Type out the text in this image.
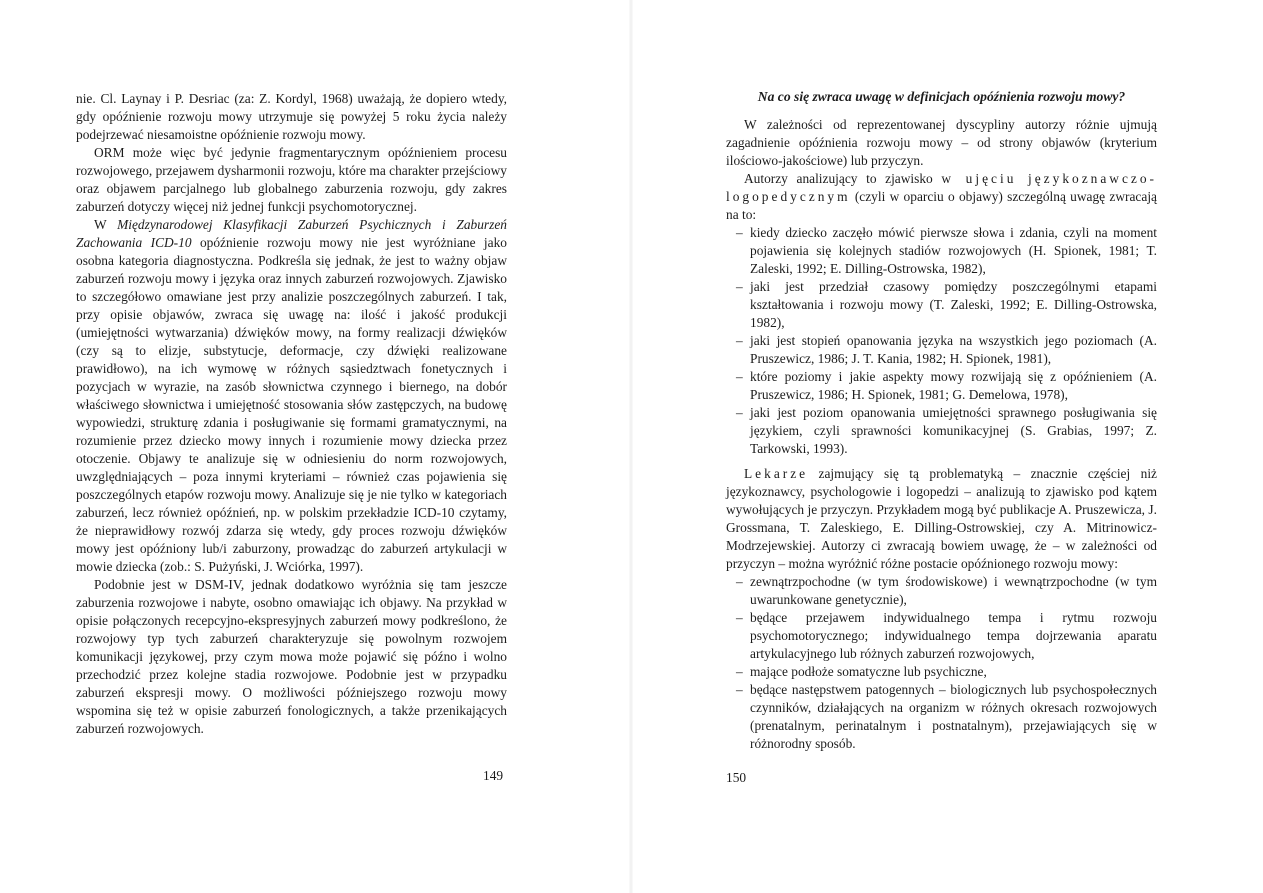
nie. Cl. Laynay i P. Desriac (za: Z. Kordyl, 1968) uważają, że dopiero wtedy, gdy opóźnienie rozwoju mowy utrzymuje się powyżej 5 roku życia należy podejrzewać niesamoistne opóźnienie rozwoju mowy.

ORM może więc być jedynie fragmentarycznym opóźnieniem procesu rozwojowego, przejawem dysharmonii rozwoju, które ma charakter przejściowy oraz objawem parcjalnego lub globalnego zaburzenia rozwoju, gdy zakres zaburzeń dotyczy więcej niż jednej funkcji psychomotorycznej.

W Międzynarodowej Klasyfikacji Zaburzeń Psychicznych i Zaburzeń Zachowania ICD-10 opóźnienie rozwoju mowy nie jest wyróżniane jako osobna kategoria diagnostyczna. Podkreśla się jednak, że jest to ważny objaw zaburzeń rozwoju mowy i języka oraz innych zaburzeń rozwojowych. Zjawisko to szczegółowo omawiane jest przy analizie poszczególnych zaburzeń. I tak, przy opisie objawów, zwraca się uwagę na: ilość i jakość produkcji (umiejętności wytwarzania) dźwięków mowy, na formy realizacji dźwięków (czy są to elizje, substytucje, deformacje, czy dźwięki realizowane prawidłowo), na ich wymowę w różnych sąsiedztwach fonetycznych i pozycjach w wyrazie, na zasób słownictwa czynnego i biernego, na dobór właściwego słownictwa i umiejętność stosowania słów zastępczych, na budowę wypowiedzi, strukturę zdania i posługiwanie się formami gramatycznymi, na rozumienie przez dziecko mowy innych i rozumienie mowy dziecka przez otoczenie. Objawy te analizuje się w odniesieniu do norm rozwojowych, uwzględniających – poza innymi kryteriami – również czas pojawienia się poszczególnych etapów rozwoju mowy. Analizuje się je nie tylko w kategoriach zaburzeń, lecz również opóźnień, np. w polskim przekładzie ICD-10 czytamy, że nieprawidłowy rozwój zdarza się wtedy, gdy proces rozwoju dźwięków mowy jest opóźniony lub/i zaburzony, prowadząc do zaburzeń artykulacji w mowie dziecka (zob.: S. Pużyński, J. Wciórka, 1997).

Podobnie jest w DSM-IV, jednak dodatkowo wyróżnia się tam jeszcze zaburzenia rozwojowe i nabyte, osobno omawiając ich objawy. Na przykład w opisie połączonych recepcyjno-ekspresyjnych zaburzeń mowy podkreślono, że rozwojowy typ tych zaburzeń charakteryzuje się powolnym rozwojem komunikacji językowej, przy czym mowa może pojawić się późno i wolno przechodzić przez kolejne stadia rozwojowe. Podobnie jest w przypadku zaburzeń ekspresji mowy. O możliwości późniejszego rozwoju mowy wspomina się też w opisie zaburzeń fonologicznych, a także przenikających zaburzeń rozwojowych.

149
Na co się zwraca uwagę w definicjach opóźnienia rozwoju mowy?

W zależności od reprezentowanej dyscypliny autorzy różnie ujmują zagadnienie opóźnienia rozwoju mowy – od strony objawów (kryterium ilościowo-jakościowe) lub przyczyn.

Autorzy analizujący to zjawisko w ujęciu językoznawczo-logopedycznym (czyli w oparciu o objawy) szczególną uwagę zwracają na to:

– kiedy dziecko zaczęło mówić pierwsze słowa i zdania, czyli na moment pojawienia się kolejnych stadiów rozwojowych (H. Spionek, 1981; T. Zaleski, 1992; E. Dilling-Ostrowska, 1982),
– jaki jest przedział czasowy pomiędzy poszczególnymi etapami kształtowania i rozwoju mowy (T. Zaleski, 1992; E. Dilling-Ostrowska, 1982),
– jaki jest stopień opanowania języka na wszystkich jego poziomach (A. Pruszewicz, 1986; J. T. Kania, 1982; H. Spionek, 1981),
– które poziomy i jakie aspekty mowy rozwijają się z opóźnieniem (A. Pruszewicz, 1986; H. Spionek, 1981; G. Demelowa, 1978),
– jaki jest poziom opanowania umiejętności sprawnego posługiwania się językiem, czyli sprawności komunikacyjnej (S. Grabias, 1997; Z. Tarkowski, 1993).

Lekarze zajmujący się tą problematyką – znacznie częściej niż językoznawcy, psychologowie i logopedzi – analizują to zjawisko pod kątem wywołujących je przyczyn. Przykładem mogą być publikacje A. Pruszewicza, J. Grossmana, T. Zaleskiego, E. Dilling-Ostrowskiej, czy A. Mitrinowicz-Modrzejewskiej. Autorzy ci zwracają bowiem uwagę, że – w zależności od przyczyn – można wyróżnić różne postacie opóźnionego rozwoju mowy:

– zewnątrzpochodne (w tym środowiskowe) i wewnątrzpochodne (w tym uwarunkowane genetycznie),
– będące przejawem indywidualnego tempa i rytmu rozwoju psychomotorycznego; indywidualnego tempa dojrzewania aparatu artykulacyjnego lub różnych zaburzeń rozwojowych,
– mające podłoże somatyczne lub psychiczne,
– będące następstwem patogennych – biologicznych lub psychospołecznych czynników, działających na organizm w różnych okresach rozwojowych (prenatalnym, perinatalnym i postnatalnym), przejawiających się w różnorodny sposób.
150
